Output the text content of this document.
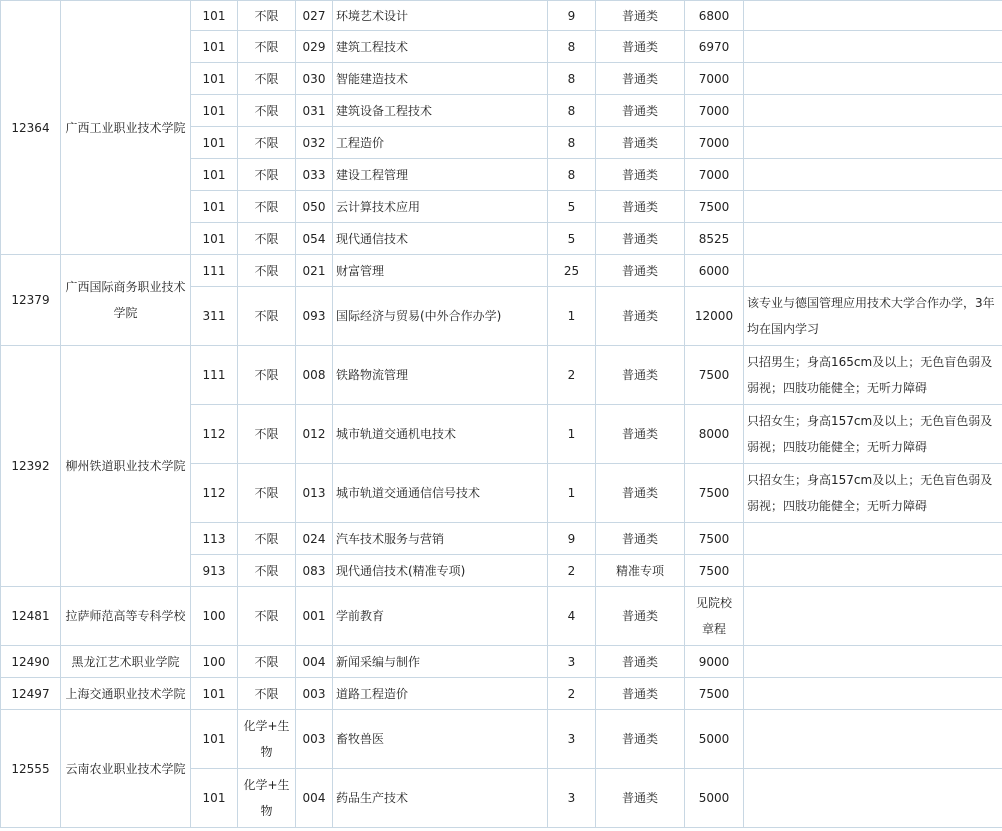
12364	广西工业职业技术学院	101	不限	027	环境艺术设计	9	普通类	6800	
		101	不限	029	建筑工程技术	8	普通类	6970	
		101	不限	030	智能建造技术	8	普通类	7000	
		101	不限	031	建筑设备工程技术	8	普通类	7000	
		101	不限	032	工程造价	8	普通类	7000	
		101	不限	033	建设工程管理	8	普通类	7000	
		101	不限	050	云计算技术应用	5	普通类	7500	
		101	不限	054	现代通信技术	5	普通类	8525	
12379	广西国际商务职业技术学院	111	不限	021	财富管理	25	普通类	6000	
		311	不限	093	国际经济与贸易(中外合作办学)	1	普通类	12000	该专业与德国管理应用技术大学合作办学，3年均在国内学习
12392	柳州铁道职业技术学院	111	不限	008	铁路物流管理	2	普通类	7500	只招男生；身高165cm及以上；无色盲色弱及弱视；四肢功能健全；无听力障碍
		112	不限	012	城市轨道交通机电技术	1	普通类	8000	只招女生；身高157cm及以上；无色盲色弱及弱视；四肢功能健全；无听力障碍
		112	不限	013	城市轨道交通通信信号技术	1	普通类	7500	只招女生；身高157cm及以上；无色盲色弱及弱视；四肢功能健全；无听力障碍
		113	不限	024	汽车技术服务与营销	9	普通类	7500	
		913	不限	083	现代通信技术(精准专项)	2	精准专项	7500	
12481	拉萨师范高等专科学校	100	不限	001	学前教育	4	普通类	见院校章程	
12490	黑龙江艺术职业学院	100	不限	004	新闻采编与制作	3	普通类	9000	
12497	上海交通职业技术学院	101	不限	003	道路工程造价	2	普通类	7500	
12555	云南农业职业技术学院	101	化学+生物	003	畜牧兽医	3	普通类	5000	
		101	化学+生物	004	药品生产技术	3	普通类	5000	
